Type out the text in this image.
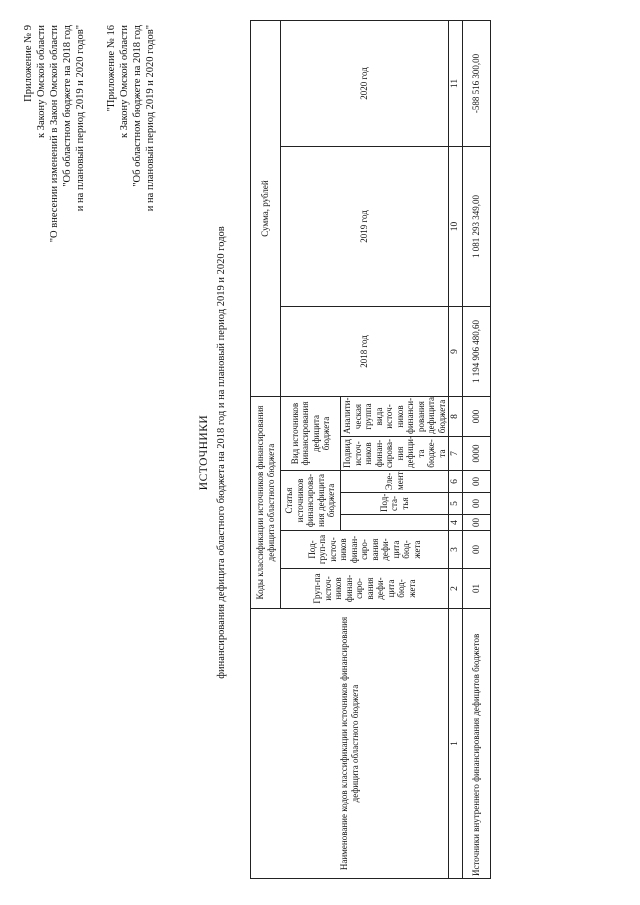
Приложение № 9 к Закону Омской области "О внесении изменений в Закон Омской области "Об областном бюджете на 2018 год и на плановый период 2019 и 2020 годов" "Приложение № 16 к Закону Омской области "Об областном бюджете на 2018 год и на плановый период 2019 и 2020 годов"
ИСТОЧНИКИ финансирования дефицита областного бюджета на 2018 год и на плановый период 2019 и 2020 годов
Наименование кодов классификации источников финансирования дефицита областного бюджета	Коды классификации источников финансирования дефицита областного бюджета							Сумма, рублей		
	Груп-па источ-ников финан-сиро-вания дефи-цита бюд-жета	Под-груп-па источ-ников финан-сиро-вания дефи-цита бюд-жета	Статья источников финансирова-ния дефицита бюджета			Вид источников финансирования дефицита бюджета		2018 год	2019 год	2020 год
				Под-ста-тья	Эле-мент	Подвид источ-ников финан-сирова-ния дефици-та бюдже-та	Аналити-ческая группа вида источ-ников финанси-рования дефицита бюджета			

1	2	3	4	5	6	7	8	9	10	11
Источники внутреннего финансирования дефицитов бюджетов	01	00	00	00	00	0000	000	1 194 906 480,60	1 081 293 349,00	-588 516 300,00
